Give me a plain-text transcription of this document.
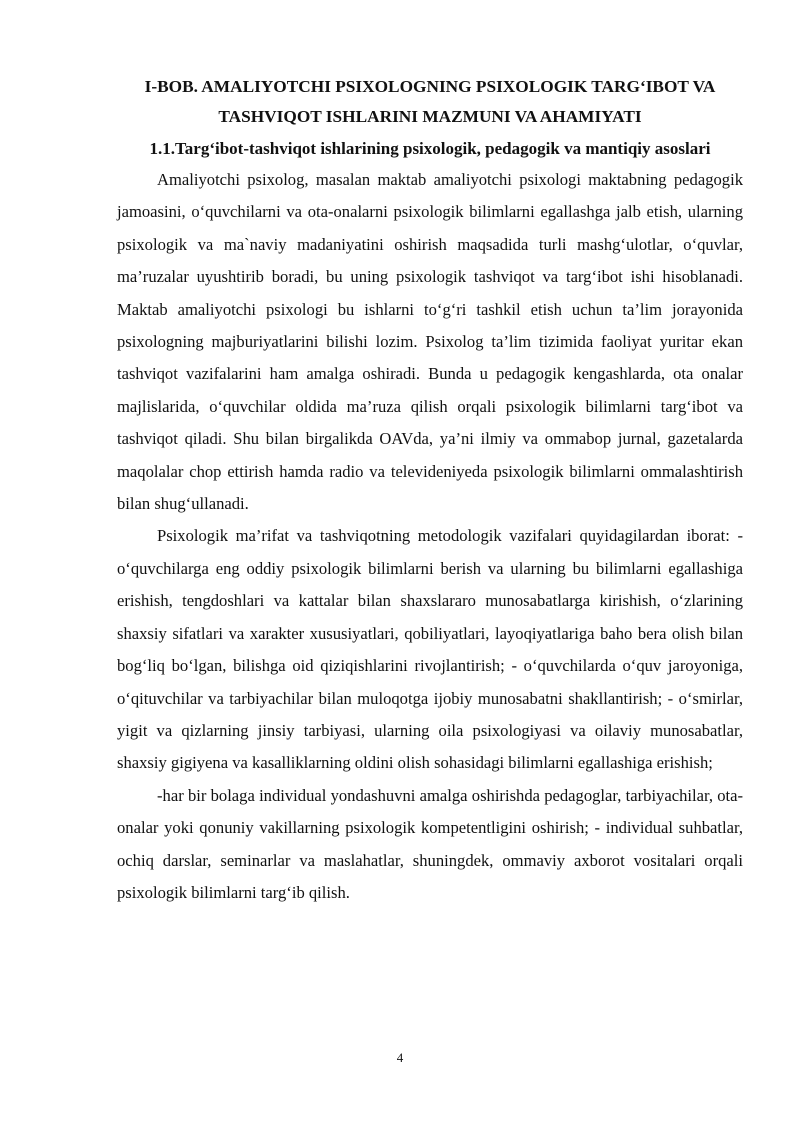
I-BOB. AMALIYOTCHI PSIXOLOGNING PSIXOLOGIK TARG‘IBOT VA TASHVIQOT ISHLARINI MAZMUNI VA AHAMIYATI
1.1.Targ‘ibot-tashviqot ishlarining psixologik, pedagogik va mantiqiy asoslari

Amaliyotchi psixolog, masalan maktab amaliyotchi psixologi maktabning pedagogik jamoasini, o‘quvchilarni va ota-onalarni psixologik bilimlarni egallashga jalb etish, ularning psixologik va ma`naviy madaniyatini oshirish maqsadida turli mashg‘ulotlar, o‘quvlar, ma’ruzalar uyushtirib boradi, bu uning psixologik tashviqot va targ‘ibot ishi hisoblanadi. Maktab amaliyotchi psixologi bu ishlarni to‘g‘ri tashkil etish uchun ta’lim jorayonida psixologning majburiyatlarini bilishi lozim. Psixolog ta’lim tizimida faoliyat yuritar ekan tashviqot vazifalarini ham amalga oshiradi. Bunda u pedagogik kengashlarda, ota onalar majlislarida, o‘quvchilar oldida ma’ruza qilish orqali psixologik bilimlarni targ‘ibot va tashviqot qiladi. Shu bilan birgalikda OAVda, ya’ni ilmiy va ommabop jurnal, gazetalarda maqolalar chop ettirish hamda radio va televideniyeda psixologik bilimlarni ommalashtirish bilan shug‘ullanadi.

Psixologik ma’rifat va tashviqotning metodologik vazifalari quyidagilardan iborat: -o‘quvchilarga eng oddiy psixologik bilimlarni berish va ularning bu bilimlarni egallashiga erishish, tengdoshlari va kattalar bilan shaxslararo munosabatlarga kirishish, o‘zlarining shaxsiy sifatlari va xarakter xususiyatlari, qobiliyatlari, layoqiyatlariga baho bera olish bilan bog‘liq bo‘lgan, bilishga oid qiziqishlarini rivojlantirish; - o‘quvchilarda o‘quv jaroyoniga, o‘qituvchilar va tarbiyachilar bilan muloqotga ijobiy munosabatni shakllantirish; - o‘smirlar, yigit va qizlarning jinsiy tarbiyasi, ularning oila psixologiyasi va oilaviy munosabatlar, shaxsiy gigiyena va kasalliklarning oldini olish sohasidagi bilimlarni egallashiga erishish;

-har bir bolaga individual yondashuvni amalga oshirishda pedagoglar, tarbiyachilar, ota-onalar yoki qonuniy vakillarning psixologik kompetentligini oshirish; - individual suhbatlar, ochiq darslar, seminarlar va maslahatlar, shuningdek, ommaviy axborot vositalari orqali psixologik bilimlarni targ‘ib qilish.

4
